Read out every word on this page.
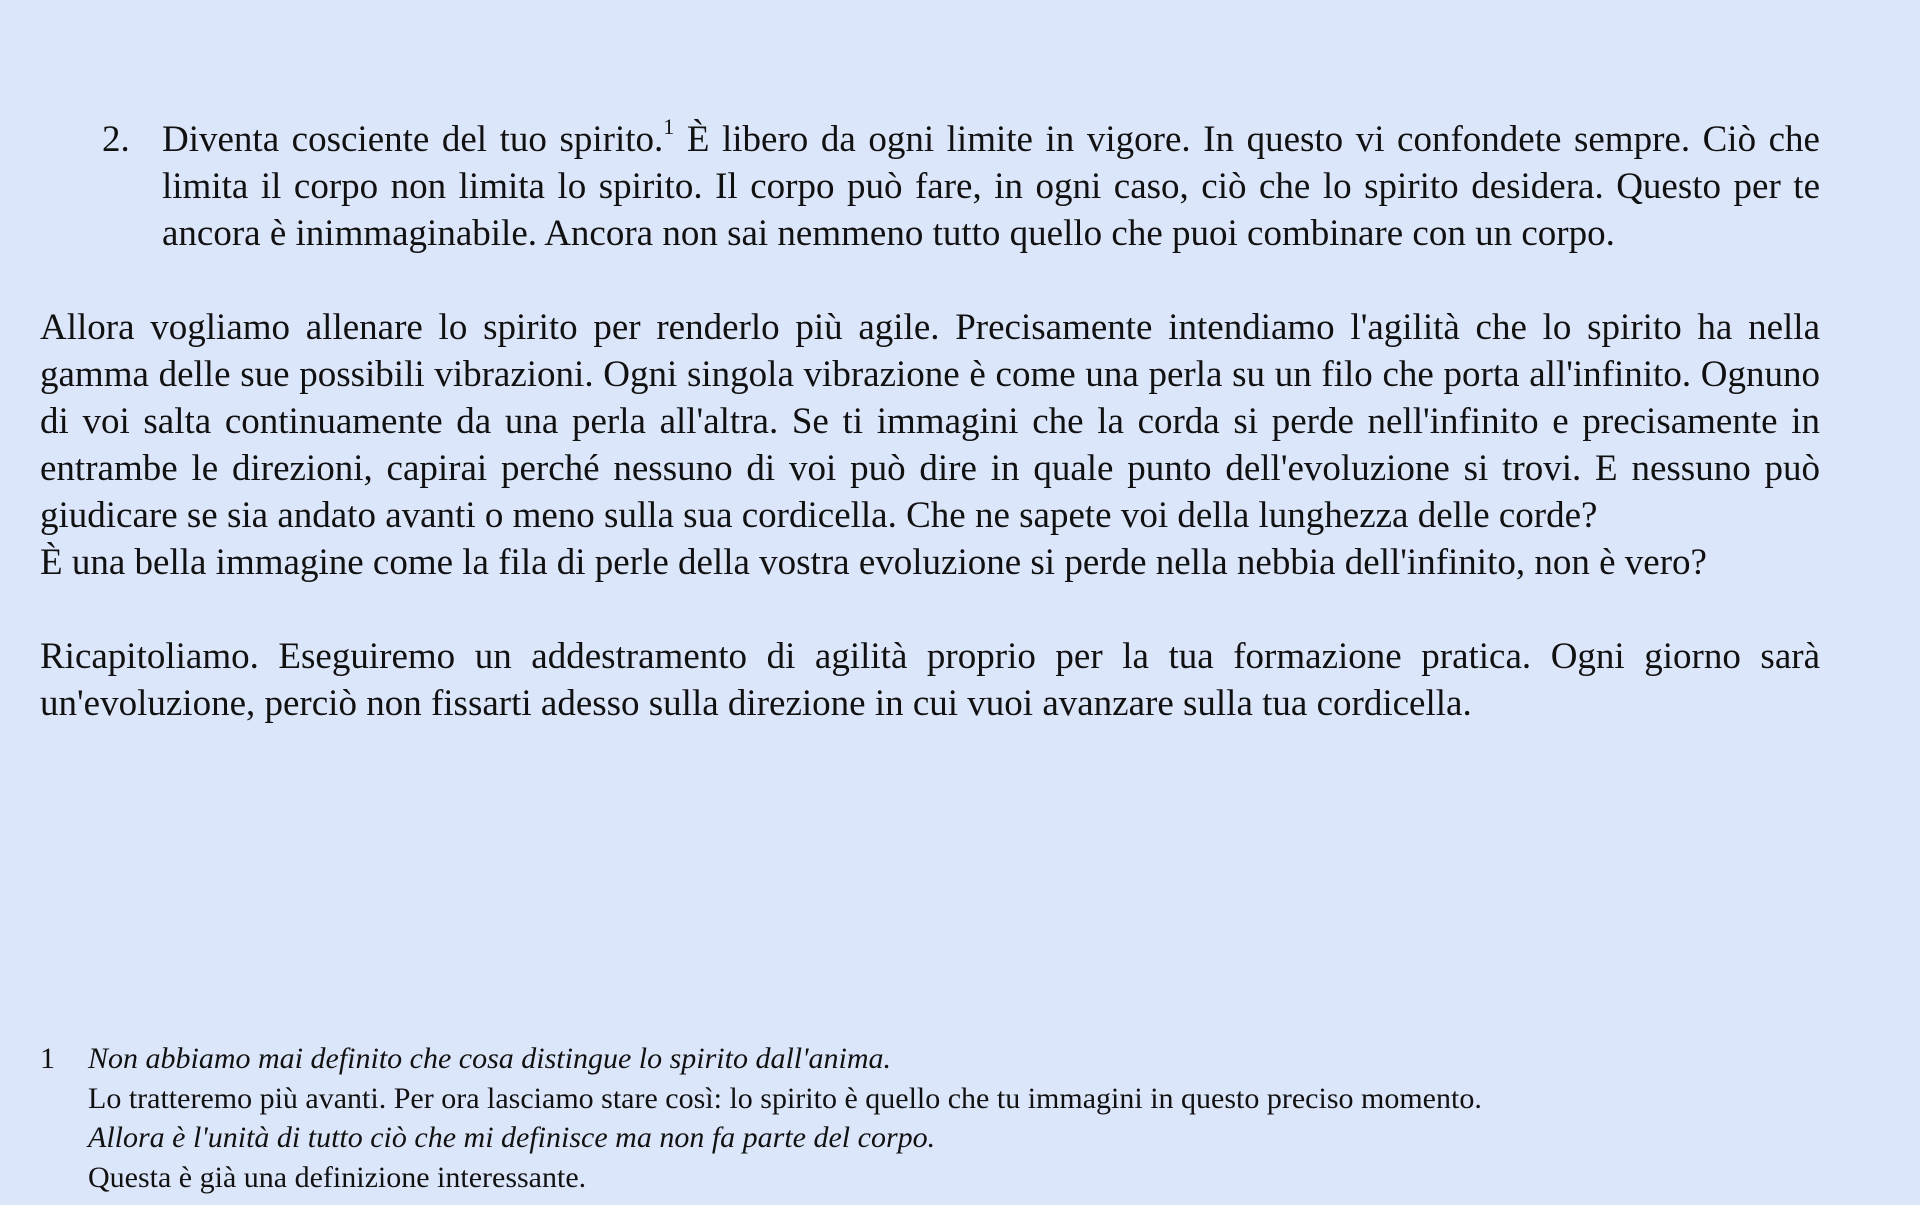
2. Diventa cosciente del tuo spirito.$^1$ È libero da ogni limite in vigore. In questo vi confondete sempre. Ciò che limita il corpo non limita lo spirito. Il corpo può fare, in ogni caso, ciò che lo spirito desidera. Questo per te ancora è inimmaginabile. Ancora non sai nemmeno tutto quello che puoi combinare con un corpo.

Allora vogliamo allenare lo spirito per renderlo più agile. Precisamente intendiamo l'agilità che lo spirito ha nella gamma delle sue possibili vibrazioni. Ogni singola vibrazione è come una perla su un filo che porta all'infinito. Ognuno di voi salta continuamente da una perla all'altra. Se ti immagini che la corda si perde nell'infinito e precisamente in entrambe le direzioni, capirai perché nessuno di voi può dire in quale punto dell'evoluzione si trovi. E nessuno può giudicare se sia andato avanti o meno sulla sua cordicella. Che ne sapete voi della lunghezza delle corde?

È una bella immagine come la fila di perle della vostra evoluzione si perde nella nebbia dell'infinito, non è vero?

Ricapitoliamo. Eseguiremo un addestramento di agilità proprio per la tua formazione pratica. Ogni giorno sarà un'evoluzione, perciò non fissarti adesso sulla direzione in cui vuoi avanzare sulla tua cordicella.

1	Non abbiamo mai definito che cosa distingue lo spirito dall'anima.

Lo tratteremo più avanti. Per ora lasciamo stare così: lo spirito è quello che tu immagini in questo preciso momento.

Allora è l'unità di tutto ciò che mi definisce ma non fa parte del corpo.

Questa è già una definizione interessante.
